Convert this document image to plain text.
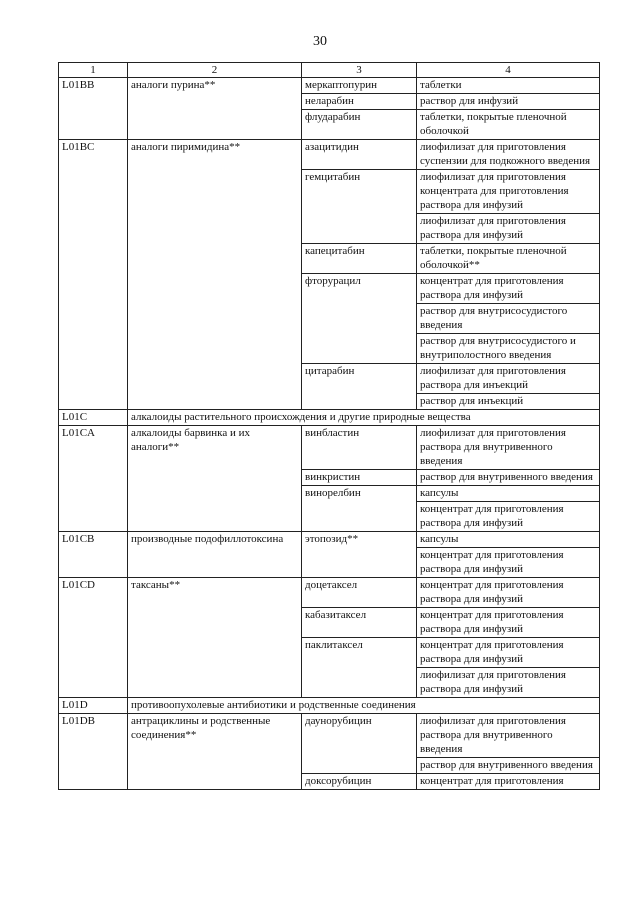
30
1	2	3	4
L01BB	аналоги пурина**	меркаптопурин	таблетки
		неларабин	раствор для инфузий
		флударабин	таблетки, покрытые пленочной оболочкой
L01BC	аналоги пиримидина**	азацитидин	лиофилизат для приготовления суспензии для подкожного введения
		гемцитабин	лиофилизат для приготовления концентрата для приготовления раствора для инфузий
			лиофилизат для приготовления раствора для инфузий
		капецитабин	таблетки, покрытые пленочной оболочкой**
		фторурацил	концентрат для приготовления раствора для инфузий
			раствор для внутрисосудистого введения
			раствор для внутрисосудистого и внутриполостного введения
		цитарабин	лиофилизат для приготовления раствора для инъекций
			раствор для инъекций
L01C	алкалоиды растительного происхождения и другие природные вещества		
L01CA	алкалоиды барвинка и их аналоги**	винбластин	лиофилизат для приготовления раствора для внутривенного введения
		винкристин	раствор для внутривенного введения
		винорелбин	капсулы
			концентрат для приготовления раствора для инфузий
L01CB	производные подофиллотоксина	этопозид**	капсулы
			концентрат для приготовления раствора для инфузий
L01CD	таксаны**	доцетаксел	концентрат для приготовления раствора для инфузий
		кабазитаксел	концентрат для приготовления раствора для инфузий
		паклитаксел	концентрат для приготовления раствора для инфузий
			лиофилизат для приготовления раствора для инфузий
L01D	противоопухолевые антибиотики и родственные соединения		
L01DB	антрациклины и родственные соединения**	даунорубицин	лиофилизат для приготовления раствора для внутривенного введения
			раствор для внутривенного введения
		доксорубицин	концентрат для приготовления
